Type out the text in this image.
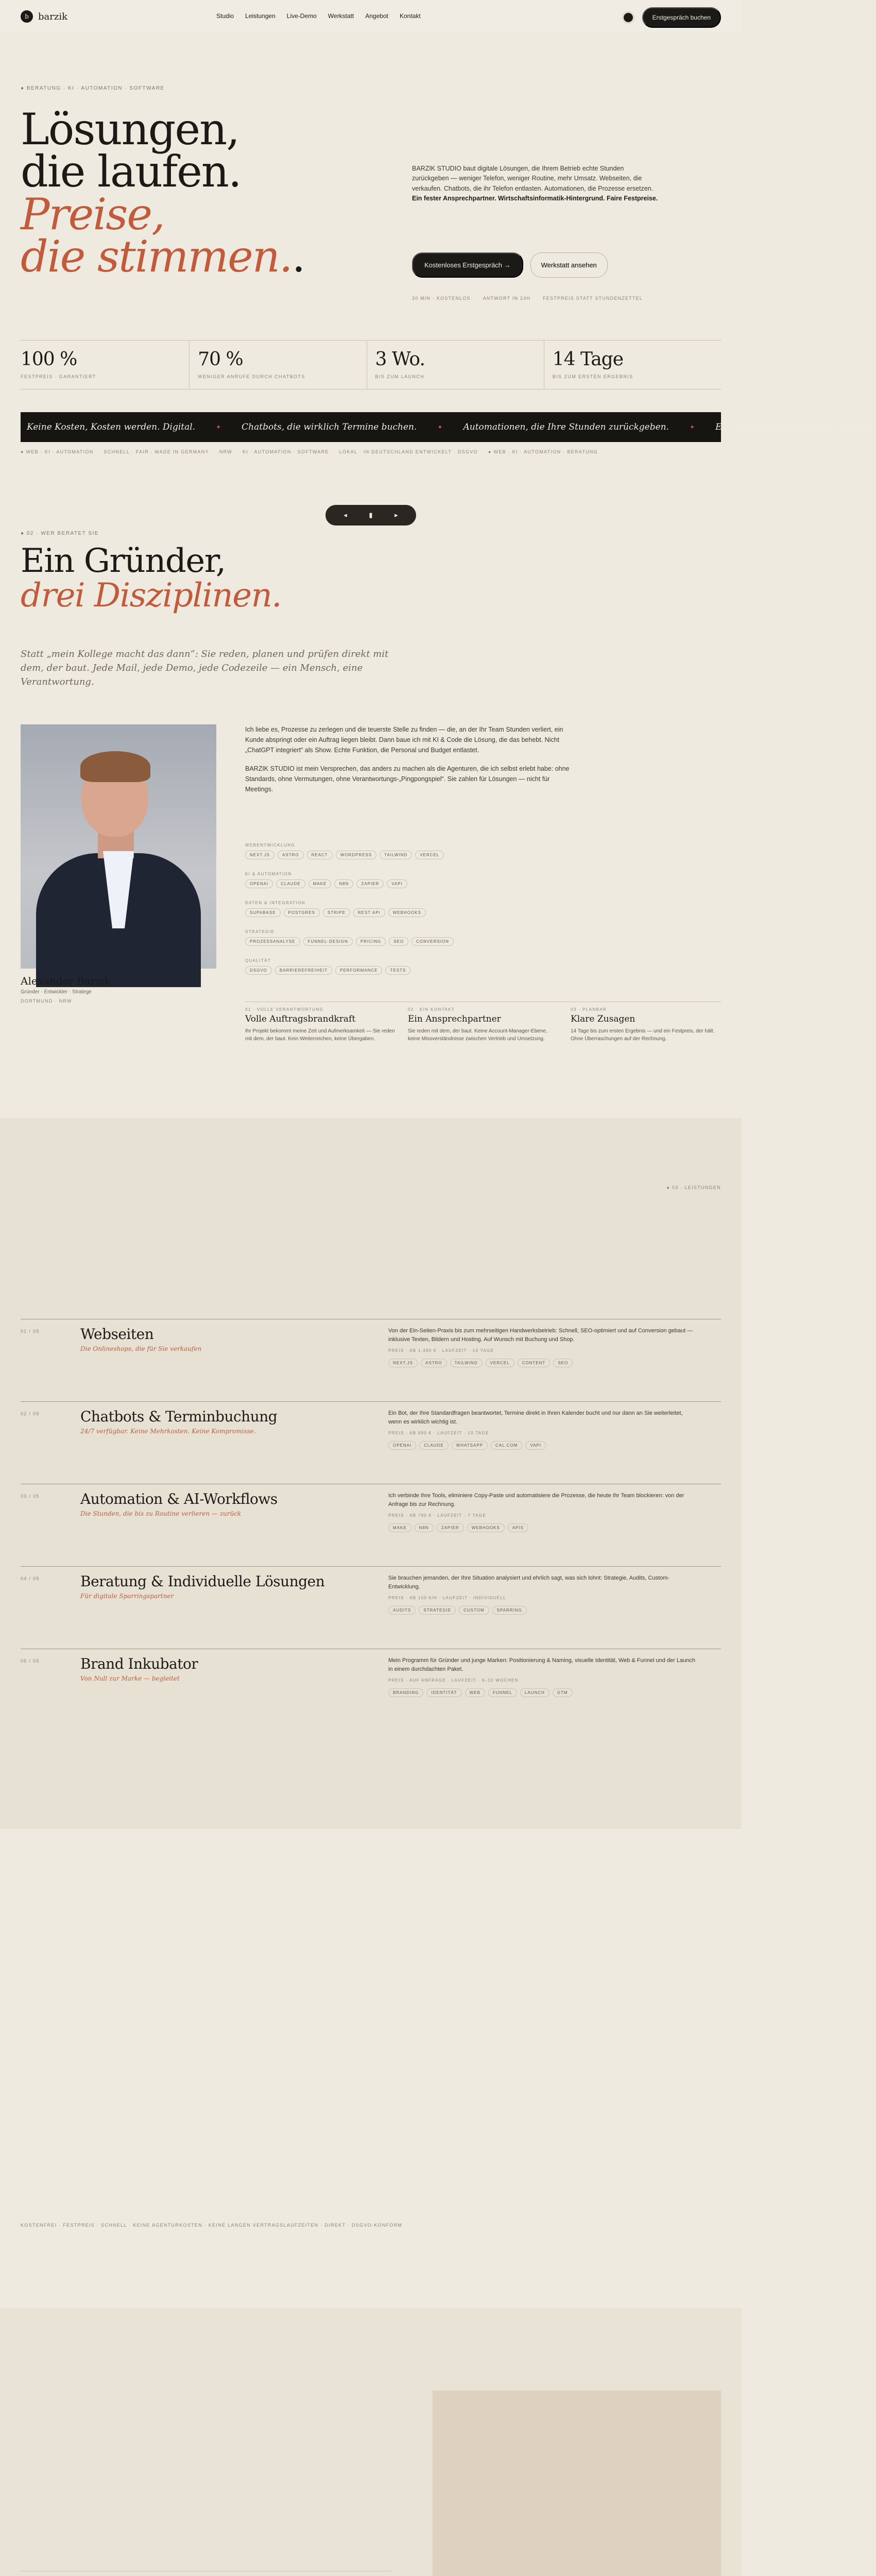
b	barzik	Studio Leistungen Live-Demo Werkstatt Angebot Kontakt	Erstgespräch buchen
● BERATUNG · KI · AUTOMATION · SOFTWARE
Lösungen,
die laufen.
Preise,
die stimmen..
BARZIK STUDIO baut digitale Lösungen, die Ihrem Betrieb echte Stunden zurückgeben — weniger Telefon, weniger Routine, mehr Umsatz. Webseiten, die verkaufen. Chatbots, die ihr Telefon entlasten. Automationen, die Prozesse ersetzen. Ein fester Ansprechpartner. Wirtschaftsinformatik-Hintergrund. Faire Festpreise.
Kostenloses Erstgespräch →	Werkstatt ansehen
30 MIN · KOSTENLOS	ANTWORT IN 24H	FESTPREIS STATT STUNDENZETTEL
100 %
FESTPREIS · GARANTIERT
70 %
WENIGER ANRUFE DURCH CHATBOTS
3 Wo.
BIS ZUM LAUNCH
14 Tage
BIS ZUM ERSTEN ERGEBNIS
Keine Kosten, Kosten werden. Digital.	✦ Chatbots, die wirklich Termine buchen.	✦ Automationen, die Ihre Stunden zurückgeben.	✦ Ein Ansprechpartner. Keine Tickets.
● WEB · KI · AUTOMATION SCHNELL · FAIR · MADE IN GERMANY NRW KI · AUTOMATION · SOFTWARE LOKAL · IN DEUTSCHLAND ENTWICKELT · DSGVO ● WEB · KI · AUTOMATION · BERATUNG
◂	▮	▸
● 02 · WER BERATET SIE
Ein Gründer,
drei Disziplinen.

Statt „mein Kollege macht das dann“: Sie reden, planen und prüfen direkt mit dem, der baut. Jede Mail, jede Demo, jede Codezeile — ein Mensch, eine Verantwortung.

Alexander Barzik
Gründer · Entwickler · Stratege
DORTMUND · NRW

Ich liebe es, Prozesse zu zerlegen und die teuerste Stelle zu finden — die, an der Ihr Team Stunden verliert, ein Kunde abspringt oder ein Auftrag liegen bleibt. Dann baue ich mit KI & Code die Lösung, die das behebt. Nicht „ChatGPT integriert“ als Show. Echte Funktion, die Personal und Budget entlastet.

BARZIK STUDIO ist mein Versprechen, das anders zu machen als die Agenturen, die ich selbst erlebt habe: ohne Standards, ohne Vermutungen, ohne Verantwortungs-„Pingpongspiel“. Sie zahlen für Lösungen — nicht für Meetings.

WEBENTWICKLUNG
NEXT.JS	ASTRO	REACT	WORDPRESS	TAILWIND	VERCEL
KI & AUTOMATION
OPENAI	CLAUDE	MAKE	N8N	ZAPIER	VAPI
DATEN & INTEGRATION
SUPABASE	POSTGRES	STRIPE	REST API	WEBHOOKS
STRATEGIE
PROZESSANALYSE	FUNNEL-DESIGN	PRICING	SEO	CONVERSION
QUALITÄT
DSGVO	BARRIEREFREIHEIT	PERFORMANCE	TESTS
01 · VOLLE VERANTWORTUNG
Volle Auftragsbrandkraft
Ihr Projekt bekommt meine Zeit und Aufmerksamkeit — Sie reden mit dem, der baut. Kein Weiterreichen, keine Übergaben.
02 · EIN KONTAKT
Ein Ansprechpartner
Sie reden mit dem, der baut. Keine Account-Manager-Ebene, keine Missverständnisse zwischen Vertrieb und Umsetzung.
03 · PLANBAR
Klare Zusagen
14 Tage bis zum ersten Ergebnis — und ein Festpreis, der hält. Ohne Überraschungen auf der Rechnung.
● 03 · LEISTUNGEN
01 / 05	Webseiten
Die Onlineshops, die für Sie verkaufen
Von der Ein-Seiten-Praxis bis zum mehrseitigen Handwerksbetrieb: Schnell, SEO-optimiert und auf Conversion gebaut — inklusive Texten, Bildern und Hosting. Auf Wunsch mit Buchung und Shop.
PREIS · AB 1.490 € · LAUFZEIT · 14 TAGE
NEXT.JS	ASTRO	TAILWIND	VERCEL	CONTENT	SEO
02 / 05	Chatbots & Terminbuchung
24/7 verfügbar. Keine Mehrkosten. Keine Kompromisse.
Ein Bot, der Ihre Standardfragen beantwortet, Termine direkt in Ihren Kalender bucht und nur dann an Sie weiterleitet, wenn es wirklich wichtig ist.
PREIS · AB 990 € · LAUFZEIT · 10 TAGE
OPENAI	CLAUDE	WHATSAPP	CAL.COM	VAPI
03 / 05	Automation & AI-Workflows
Die Stunden, die bis zu Routine verlieren — zurück
Ich verbinde Ihre Tools, eliminiere Copy-Paste und automatisiere die Prozesse, die heute Ihr Team blockieren: von der Anfrage bis zur Rechnung.
PREIS · AB 790 € · LAUFZEIT · 7 TAGE
MAKE	N8N	ZAPIER	WEBHOOKS	APIS
04 / 05	Beratung & Individuelle Lösungen
Für digitale Sparringspartner
Sie brauchen jemanden, der Ihre Situation analysiert und ehrlich sagt, was sich lohnt: Strategie, Audits, Custom-Entwicklung.
PREIS · AB 150 €/H · LAUFZEIT · INDIVIDUELL
AUDITS	STRATEGIE	CUSTOM	SPARRING
05 / 05	Brand Inkubator
Von Null zur Marke — begleitet
Mein Programm für Gründer und junge Marken: Positionierung & Naming, visuelle Identität, Web & Funnel und der Launch in einem durchdachten Paket.
PREIS · AUF ANFRAGE · LAUFZEIT · 6–10 WOCHEN
BRANDING	IDENTITÄT	WEB	FUNNEL	LAUNCH	GTM
KOSTENFREI · FESTPREIS · SCHNELL · KEINE AGENTURKOSTEN · KEINE LANGEN VERTRAGSLAUFZEITEN · DIREKT · DSGVO-KONFORM
